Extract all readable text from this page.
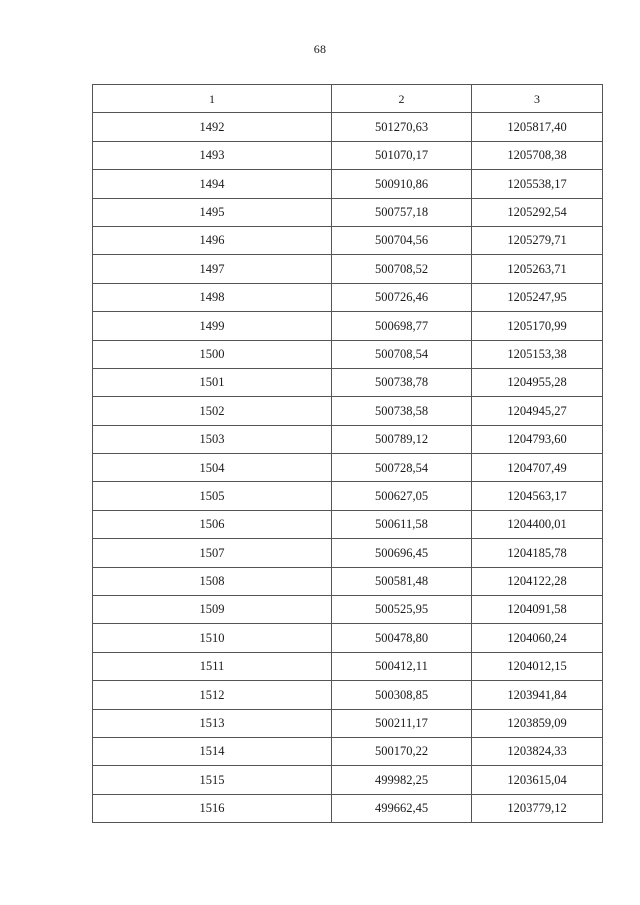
68
1	2	3
1492	501270,63	1205817,40
1493	501070,17	1205708,38
1494	500910,86	1205538,17
1495	500757,18	1205292,54
1496	500704,56	1205279,71
1497	500708,52	1205263,71
1498	500726,46	1205247,95
1499	500698,77	1205170,99
1500	500708,54	1205153,38
1501	500738,78	1204955,28
1502	500738,58	1204945,27
1503	500789,12	1204793,60
1504	500728,54	1204707,49
1505	500627,05	1204563,17
1506	500611,58	1204400,01
1507	500696,45	1204185,78
1508	500581,48	1204122,28
1509	500525,95	1204091,58
1510	500478,80	1204060,24
1511	500412,11	1204012,15
1512	500308,85	1203941,84
1513	500211,17	1203859,09
1514	500170,22	1203824,33
1515	499982,25	1203615,04
1516	499662,45	1203779,12
